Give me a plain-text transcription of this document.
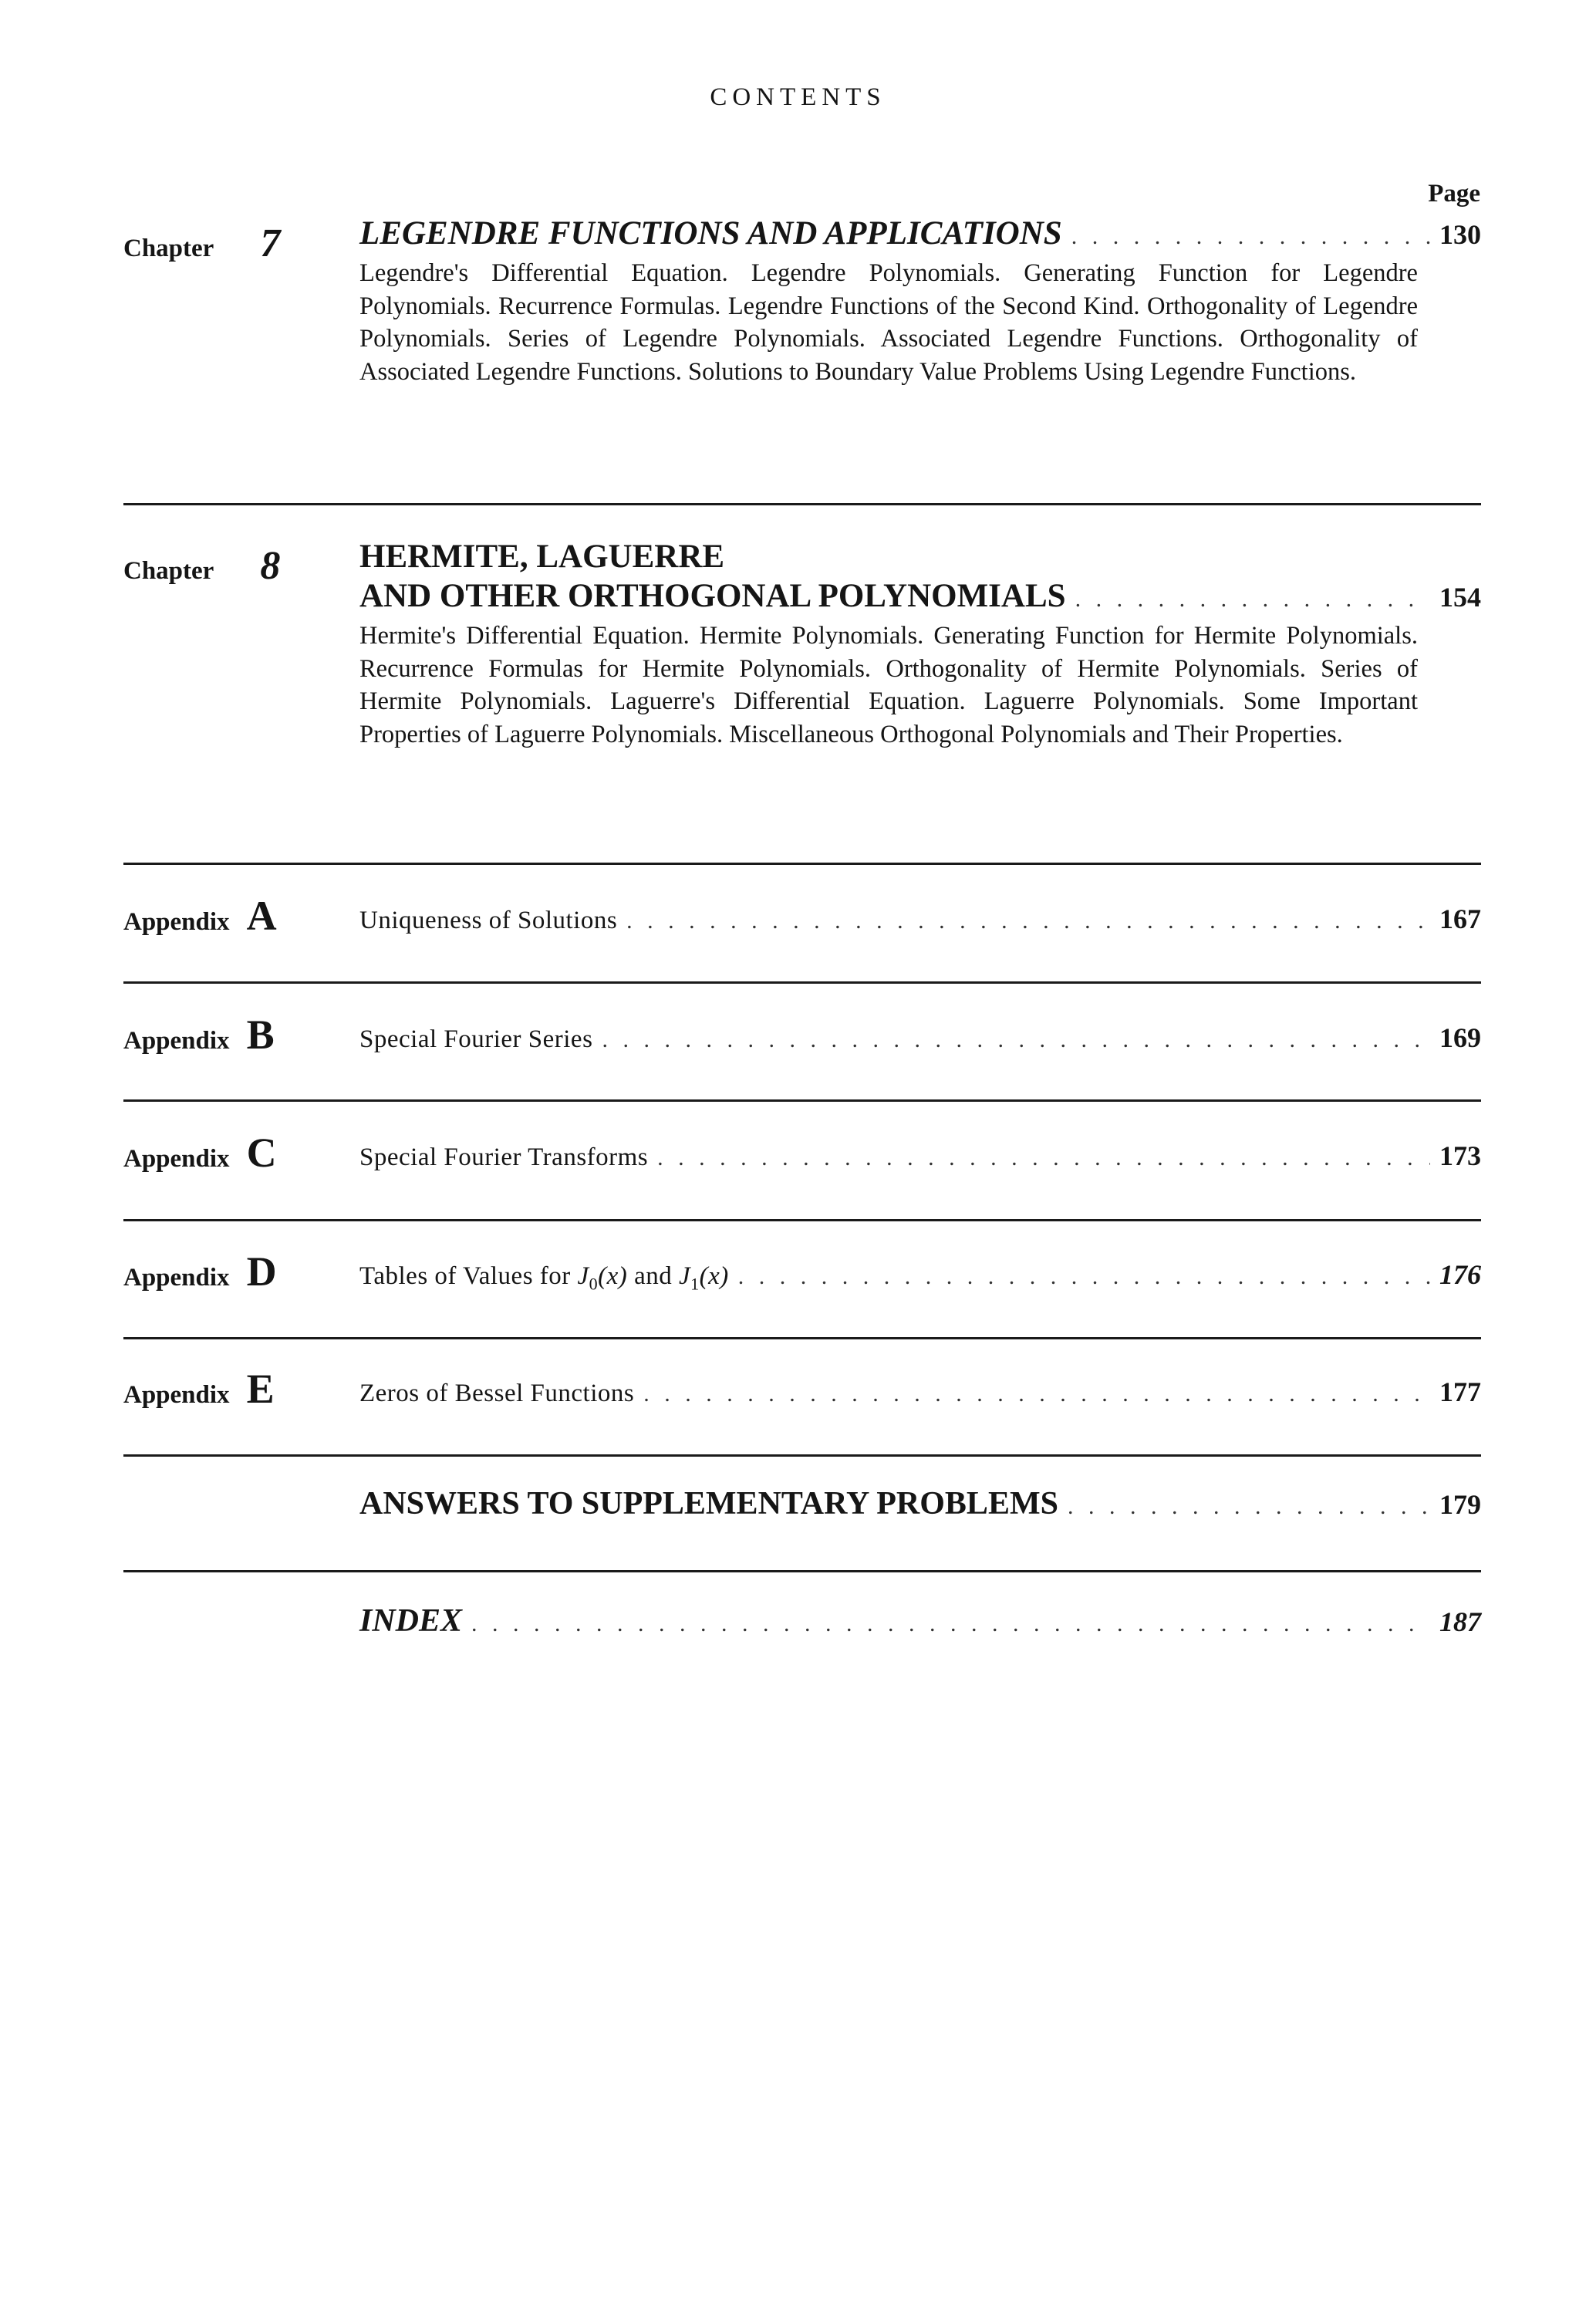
CONTENTS
Page
Chapter 7 LEGENDRE FUNCTIONS AND APPLICATIONS . . .	130
Legendre's Differential Equation. Legendre Polynomials. Generating Function for Legendre Polynomials. Recurrence Formulas. Legendre Functions of the Second Kind. Orthogonality of Legendre Polynomials. Series of Legendre Polynomials. Associated Legendre Functions. Orthogonality of Associated Legendre Functions. Solutions to Boundary Value Problems Using Legendre Functions.
Chapter 8 HERMITE, LAGUERRE
AND OTHER ORTHOGONAL POLYNOMIALS . . .	154
Hermite's Differential Equation. Hermite Polynomials. Generating Function for Hermite Polynomials. Recurrence Formulas for Hermite Polynomials. Orthogonality of Hermite Polynomials. Series of Hermite Polynomials. Laguerre's Differential Equation. Laguerre Polynomials. Some Important Properties of Laguerre Polynomials. Miscellaneous Orthogonal Polynomials and Their Properties.
Appendix A	Uniqueness of Solutions . . .	167
Appendix B	Special Fourier Series . . .	169
Appendix C	Special Fourier Transforms . . .	173
Appendix D	Tables of Values for $J_0(x)$ and $J_1(x)$ . . .	176
Appendix E	Zeros of Bessel Functions . . .	177
ANSWERS TO SUPPLEMENTARY PROBLEMS . . .	179
INDEX . . .	187
